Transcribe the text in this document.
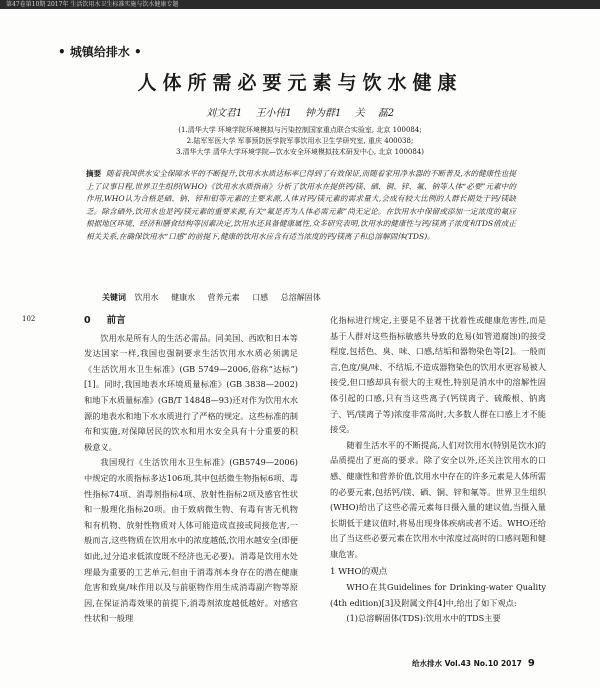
第47卷第10期 2017年 生活饮用水卫生标准实施与饮水健康专题
• 城镇给排水 •
人体所需必要元素与饮水健康
刘文君1 王小伟1 钟为群1 关 磊2
(1.清华大学 环境学院环境模拟与污染控制国家重点联合实验室, 北京 100084;
2.陆军军医大学 军事预防医学院军事饮用水卫生学研究室, 重庆 400038;
3.清华大学 清华大学环境学院—饮水安全环境模拟技术研发中心, 北京 100084)
摘要 随着我国供水安全保障水平的不断提升,饮用水水质达标率已得到了有效保证,而随着家用净水器的不断普及,水的健康性也提上了议事日程,世界卫生组织(WHO)《饮用水水质指南》分析了饮用水在提供钙/镁、硒、铜、锌、氟、钠等人体“必要”元素中的作用,WHO认为合格是硒、钠、锌和钼等元素的主要来源,人体对钙/镁元素的需求量大,会成有较大比例的人群长期处于钙/镁缺乏。除含硒外,饮用水也是钙/镁元素的重要来源,有关“氟是否为人体必需元素”尚无定论。在饮用水中保留或添加一定浓度的氟应根据地区环境、经济和膳食结构等因素决定,饮用水还具备健康属性,众多研究表明,饮用水的健康性与钙/镁离子浓度和TDS值成正相关关系,在确保饮用水“口感”的前提下,健康的饮用水应含有适当浓度的钙/镁离子和总溶解固体(TDS)。
关键词 饮用水 健康水 营养元素 口感 总溶解固体
102	0 前言

饮用水是所有人的生活必需品。同美国、西欧和日本等发达国家一样,我国也强制要求生活饮用水水质必须满足《生活饮用水卫生标准》(GB 5749—2006,俗称“达标”)[1]。同时,我国地表水环境质量标准》(GB 3838—2002)和地下水质量标准》(GB/T 14848—93)还对作为饮用水水源的地表水和地下水水质进行了严格的规定。这些标准的制布和实施,对保障居民的饮水和用水安全具有十分重要的积极意义。

我国现行《生活饮用水卫生标准》(GB5749—2006)中规定的水质指标多达106项,其中包括微生物指标6项、毒性指标74项、消毒剂指标4项、放射性指标2项及感官性状和一般理化指标20项。由于致病微生物、有毒有害无机物和有机物、放射性物质对人体可能造成直接或间接危害,一般而言,这些物质在饮用水中的浓度越低,饮用水越安全(即便如此,过分追求低浓度既不经济也无必要)。消毒是饮用水处理最为重要的工艺单元,但由于消毒剂本身存在的潜在健康危害和致臭/味作用以及与前驱物作用生成消毒副产物等原因,在保证消毒效果的前提下,消毒剂浓度越低越好。对感官性状和一般理

化指标进行规定,主要是不显著干扰着性或健康危害性,而是基于人群对这些指标敏感共导致的危易(如管道腐蚀)的接受程度,包括色、臭、味、口感,结垢和器物染色等[2]。一般而言,色度/臭/味、不结垢,不造成器物染色的饮用水更容易被人接受,但口感却具有很大的主观性,特别是消水中的溶解性固体引起的口感,只有当这些离子(钙镁离子、硫酸根、钠离子、钙/镁离子等)浓度非常高时,大多数人群在口感上才不能接受。

随着生活水平的不断提高,人们对饮用水(特别是饮水)的品质提出了更高的要求。除了安全以外,还关注饮用水的口感、健康性和营养价值,饮用水中存在的许多元素是人体所需的必要元素,包括钙/镁、硒、铜、锌和氟等。世界卫生组织(WHO)给出了这些必需元素每日摄入量的建议值,当摄入量长期低于建议值时,将易出现身体疾病或者不适。WHO还给出了当这些必要元素在饮用水中浓度过高时的口感问题和健康危害。

1 WHO的观点

WHO在其Guidelines for Drinking-water Quality (4th edition)[3]及附属文件[4]中,给出了如下观点:

(1)总溶解固体(TDS):饮用水中的TDS主要

给水排水 Vol.43 No.10 2017 9
